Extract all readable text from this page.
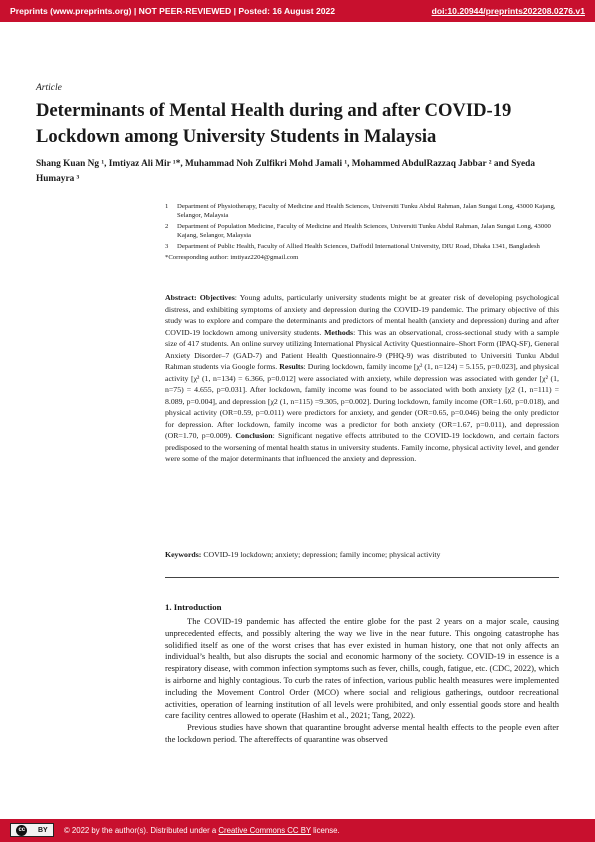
Preprints (www.preprints.org) | NOT PEER-REVIEWED | Posted: 16 August 2022	doi:10.20944/preprints202208.0276.v1
Article
Determinants of Mental Health during and after COVID-19 Lockdown among University Students in Malaysia

Shang Kuan Ng ¹, Imtiyaz Ali Mir ¹*, Muhammad Noh Zulfikri Mohd Jamali ¹, Mohammed AbdulRazzaq Jabbar ² and Syeda Humayra ³

1 Department of Physiotherapy, Faculty of Medicine and Health Sciences, Universiti Tunku Abdul Rahman, Jalan Sungai Long, 43000 Kajang, Selangor, Malaysia
2 Department of Population Medicine, Faculty of Medicine and Health Sciences, Universiti Tunku Abdul Rahman, Jalan Sungai Long, 43000 Kajang, Selangor, Malaysia
3 Department of Public Health, Faculty of Allied Health Sciences, Daffodil International University, DIU Road, Dhaka 1341, Bangladesh
*Corresponding author: imtiyaz2204@gmail.com

Abstract: Objectives: Young adults, particularly university students might be at greater risk of developing psychological distress, and exhibiting symptoms of anxiety and depression during the COVID-19 pandemic. The primary objective of this study was to explore and compare the determinants and predictors of mental health (anxiety and depression) during and after COVID-19 lockdown among university students. Methods: This was an observational, cross-sectional study with a sample size of 417 students. An online survey utilizing International Physical Activity Questionnaire–Short Form (IPAQ-SF), General Anxiety Disorder–7 (GAD-7) and Patient Health Questionnaire-9 (PHQ-9) was distributed to Universiti Tunku Abdul Rahman students via Google forms. Results: During lockdown, family income [χ² (1, n=124) = 5.155, p=0.023], and physical activity [χ² (1, n=134) = 6.366, p=0.012] were associated with anxiety, while depression was associated with gender [χ² (1, n=75) = 4.655, p=0.031]. After lockdown, family income was found to be associated with both anxiety [χ2 (1, n=111) = 8.089, p=0.004], and depression [χ2 (1, n=115) =9.305, p=0.002]. During lockdown, family income (OR=1.60, p=0.018), and physical activity (OR=0.59, p=0.011) were predictors for anxiety, and gender (OR=0.65, p=0.046) being the only predictor for depression. After lockdown, family income was a predictor for both anxiety (OR=1.67, p=0.011), and depression (OR=1.70, p=0.009). Conclusion: Significant negative effects attributed to the COVID-19 lockdown, and certain factors predisposed to the worsening of mental health status in university students. Family income, physical activity level, and gender were some of the major determinants that influenced the anxiety and depression.

Keywords: COVID-19 lockdown; anxiety; depression; family income; physical activity
1. Introduction

The COVID-19 pandemic has affected the entire globe for the past 2 years on a major scale, causing unprecedented effects, and possibly altering the way we live in the near future. This ongoing catastrophe has solidified itself as one of the worst crises that has ever existed in human history, one that not only affects an individual’s health, but also disrupts the social and economic harmony of the society. COVID-19 in essence is a respiratory disease, with common infection symptoms such as fever, chills, cough, fatigue, etc. (CDC, 2022), which is airborne and highly contagious. To curb the rates of infection, various public health measures were implemented including the Movement Control Order (MCO) where social and religious gatherings, outdoor recreational activities, operation of learning institution of all levels were prohibited, and only essential goods store and health care facility centres allowed to operate (Hashim et al., 2021; Tang, 2022).

Previous studies have shown that quarantine brought adverse mental health effects to the people even after the lockdown period. The aftereffects of quarantine was observed

cc	BY © 2022 by the author(s). Distributed under a Creative Commons CC BY license.
